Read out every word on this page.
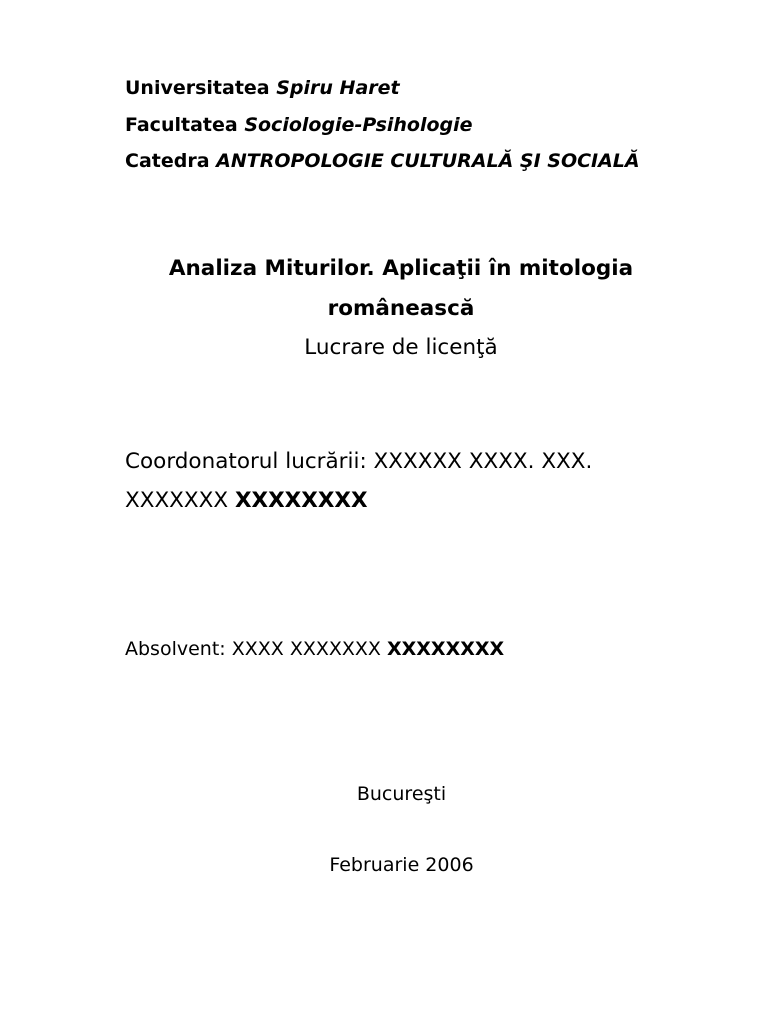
Universitatea Spiru Haret
Facultatea Sociologie-Psihologie
Catedra ANTROPOLOGIE CULTURALĂ ŞI SOCIALĂ
Analiza Miturilor. Aplicaţii în mitologia
românească
Lucrare de licenţă
Coordonatorul lucrării: XXXXXX XXXX. XXX.
XXXXXXX XXXXXXXX
Absolvent: XXXX XXXXXXX XXXXXXXX
Bucureşti
Februarie 2006
